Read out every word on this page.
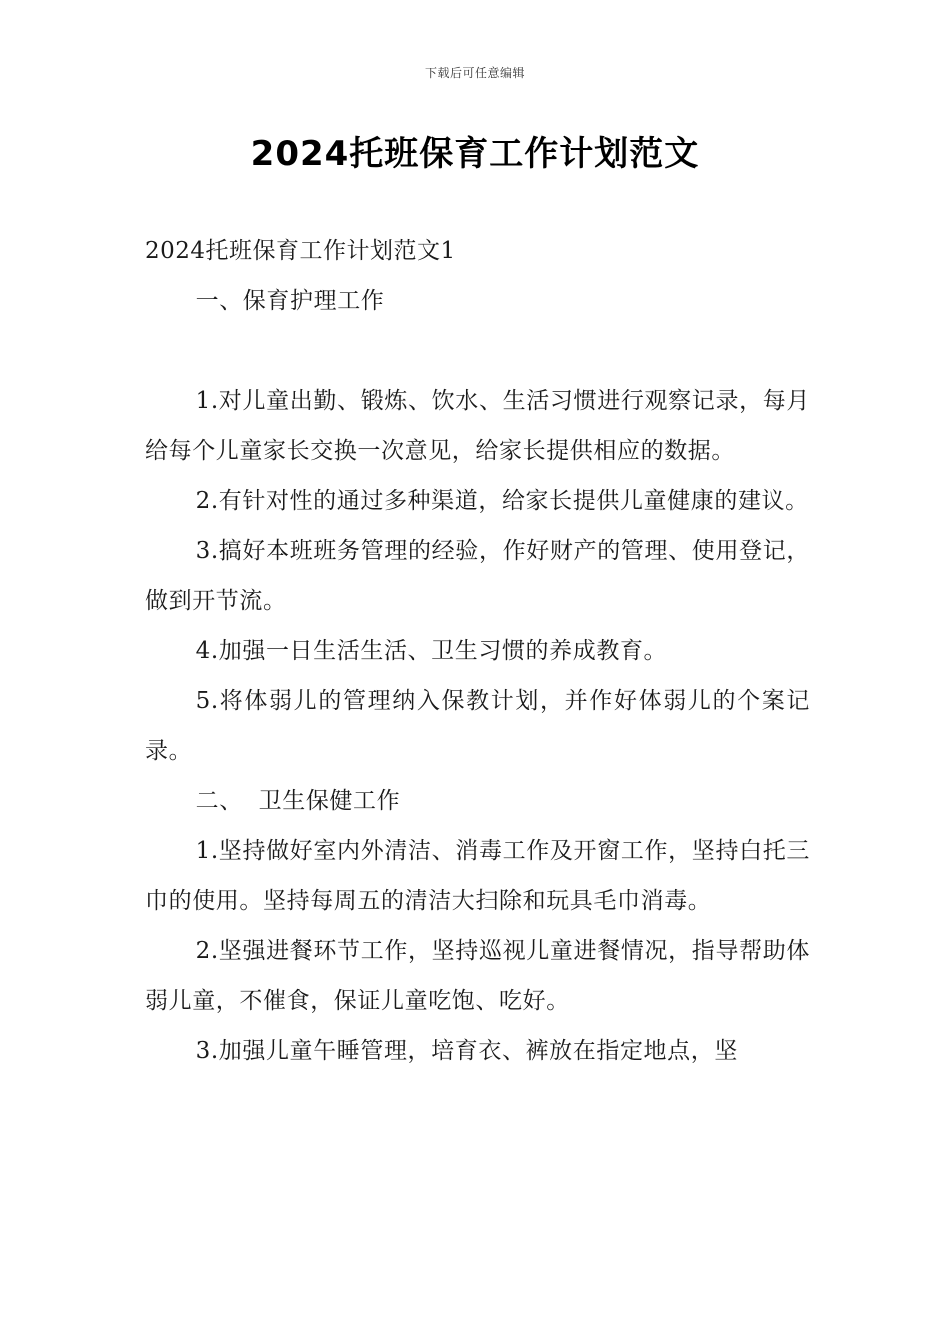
下载后可任意编辑
2024托班保育工作计划范文
2024托班保育工作计划范文1

一、保育护理工作

1.对儿童出勤、锻炼、饮水、生活习惯进行观察记录，每月给每个儿童家长交换一次意见，给家长提供相应的数据。

2.有针对性的通过多种渠道，给家长提供儿童健康的建议。

3.搞好本班班务管理的经验，作好财产的管理、使用登记，做到开节流。

4.加强一日生活生活、卫生习惯的养成教育。

5.将体弱儿的管理纳入保教计划，并作好体弱儿的个案记录。

二、  卫生保健工作

1.坚持做好室内外清洁、消毒工作及开窗工作，坚持白托三巾的使用。坚持每周五的清洁大扫除和玩具毛巾消毒。

2.坚强进餐环节工作，坚持巡视儿童进餐情况，指导帮助体弱儿童，不催食，保证儿童吃饱、吃好。

3.加强儿童午睡管理，培育衣、裤放在指定地点，坚
